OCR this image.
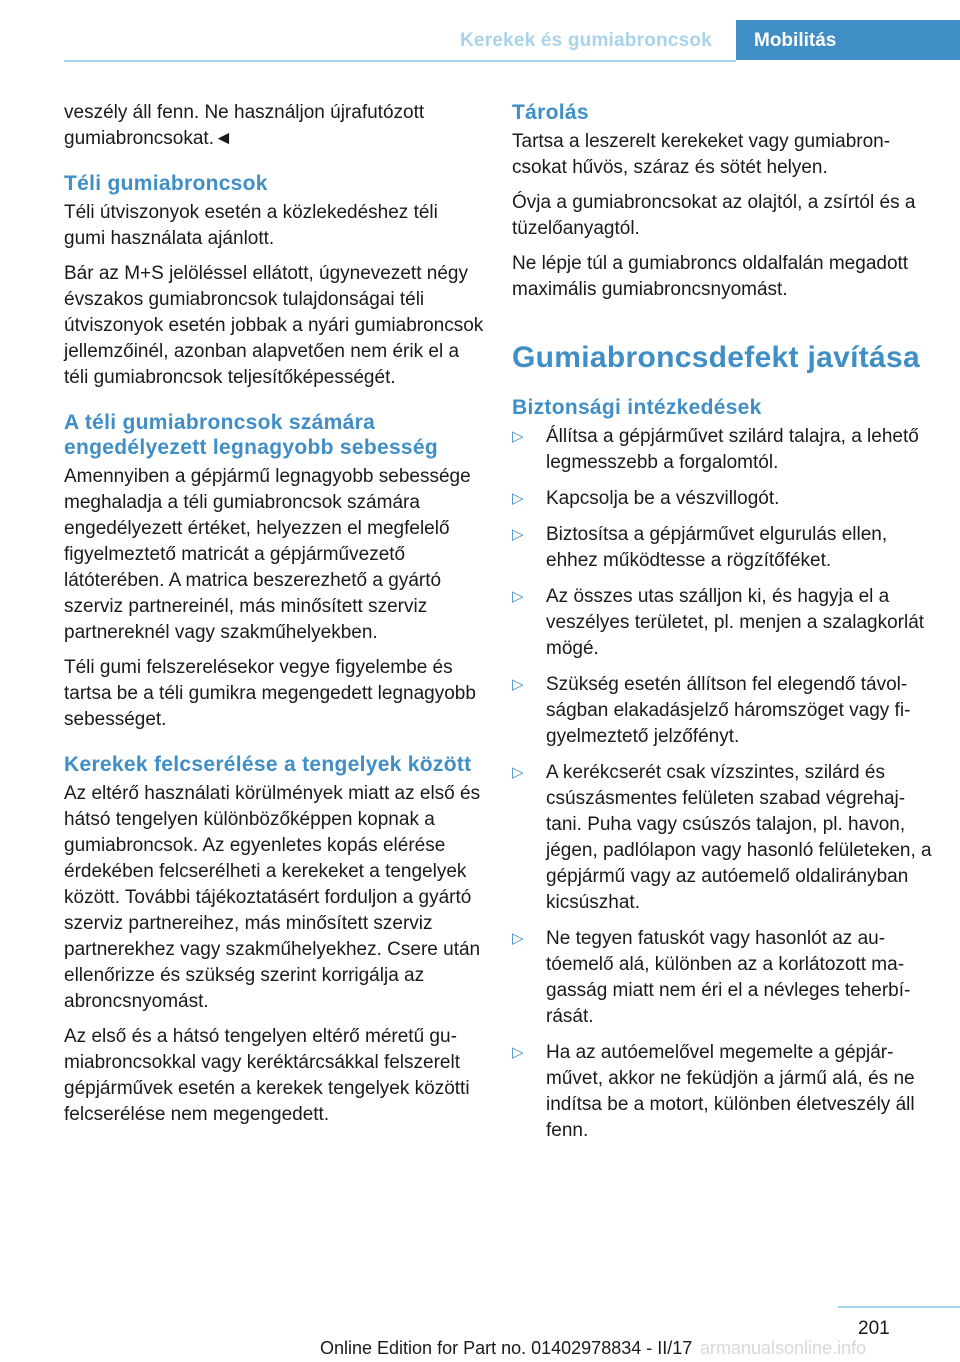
Kerekek és gumiabroncsok	Mobilitás

veszély áll fenn. Ne használjon újrafutózott gumiabroncsokat.◄

Téli gumiabroncsok

Téli útviszonyok esetén a közlekedéshez téli gumi használata ajánlott.

Bár az M+S jelöléssel ellátott, úgynevezett négy évszakos gumiabroncsok tulajdonságai téli útviszonyok esetén jobbak a nyári gumiabroncsok jellemzőinél, azonban alapvetően nem érik el a téli gumiabroncsok teljesítőképességét.

A téli gumiabroncsok számára engedélyezett legnagyobb sebesség

Amennyiben a gépjármű legnagyobb sebessége meghaladja a téli gumiabroncsok számára engedélyezett értéket, helyezzen el megfelelő figyelmeztető matricát a gépjárművezető látóterében. A matrica beszerezhető a gyártó szerviz partnereinél, más minősített szerviz partnereknél vagy szakműhelyekben.

Téli gumi felszerelésekor vegye figyelembe és tartsa be a téli gumikra megengedett legnagyobb sebességet.

Kerekek felcserélése a tengelyek között

Az eltérő használati körülmények miatt az első és hátsó tengelyen különbözőképpen kopnak a gumiabroncsok. Az egyenletes kopás elérése érdekében felcserélheti a kerekeket a tengelyek között. További tájékoztatásért forduljon a gyártó szerviz partnereihez, más minősített szerviz partnerekhez vagy szakműhelyekhez. Csere után ellenőrizze és szükség szerint korrigálja az abroncsnyomást.

Az első és a hátsó tengelyen eltérő méretű gumiabroncsokkal vagy keréktárcsákkal felszerelt gépjárművek esetén a kerekek tengelyek közötti felcserélése nem megengedett.

Tárolás

Tartsa a leszerelt kerekeket vagy gumiabroncsokat hűvös, száraz és sötét helyen.

Óvja a gumiabroncsokat az olajtól, a zsírtól és a tüzelőanyagtól.

Ne lépje túl a gumiabroncs oldalfalán megadott maximális gumiabroncsnyomást.

Gumiabroncsdefekt javítása
Biztonsági intézkedések
▷ Állítsa a gépjárművet szilárd talajra, a lehető legmesszebb a forgalomtól.
▷ Kapcsolja be a vészvillogót.
▷ Biztosítsa a gépjárművet elgurulás ellen, ehhez működtesse a rögzítőféket.
▷ Az összes utas szálljon ki, és hagyja el a veszélyes területet, pl. menjen a szalagkorlát mögé.
▷ Szükség esetén állítson fel elegendő távolságban elakadásjelző háromszöget vagy figyelmeztető jelzőfényt.
▷ A kerékcserét csak vízszintes, szilárd és csúszásmentes felületen szabad végrehajtani. Puha vagy csúszós talajon, pl. havon, jégen, padlólapon vagy hasonló felületeken, a gépjármű vagy az autóemelő oldalirányban kicsúszhat.
▷ Ne tegyen fatuskót vagy hasonlót az autóemelő alá, különben az a korlátozott magasság miatt nem éri el a névleges teherbírását.
▷ Ha az autóemelővel megemelte a gépjárművet, akkor ne feküdjön a jármű alá, és ne indítsa be a motort, különben életveszély áll fenn.
201
Online Edition for Part no. 01402978834 - II/17 armanualsonline.info
